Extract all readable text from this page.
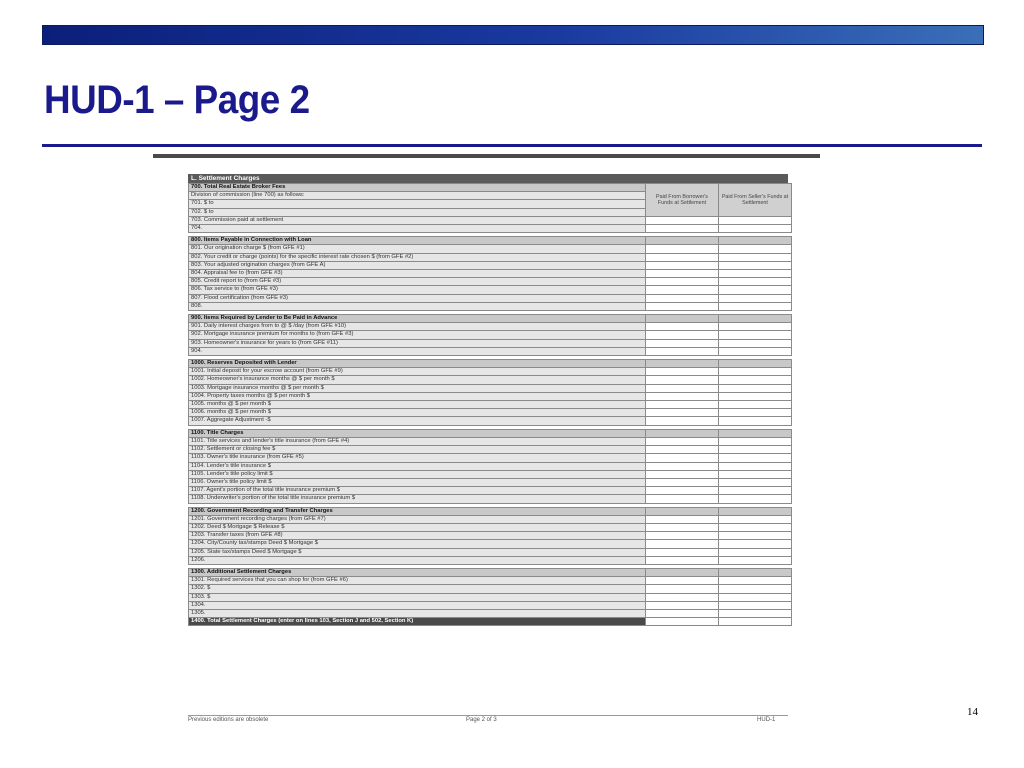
HUD-1 – Page 2
L. Settlement Charges
700. Total Real Estate Broker Fees	Paid From Borrower's Funds at Settlement	Paid From Seller's Funds at Settlement
Division of commission (line 700) as follows:		
701. $ to		
702. $ to		
703. Commission paid at settlement		
704.		

800. Items Payable in Connection with Loan		
801. Our origination charge $ (from GFE #1)		
802. Your credit or charge (points) for the specific interest rate chosen $ (from GFE #2)		
803. Your adjusted origination charges (from GFE A)		
804. Appraisal fee to (from GFE #3)		
805. Credit report to (from GFE #3)		
806. Tax service to (from GFE #3)		
807. Flood certification (from GFE #3)		
808.		

900. Items Required by Lender to Be Paid in Advance		
901. Daily interest charges from to @ $ /day (from GFE #10)		
902. Mortgage insurance premium for months to (from GFE #3)		
903. Homeowner's insurance for years to (from GFE #11)		
904.		

1000. Reserves Deposited with Lender		
1001. Initial deposit for your escrow account (from GFE #9)		
1002. Homeowner's insurance months @ $ per month $		
1003. Mortgage insurance months @ $ per month $		
1004. Property taxes months @ $ per month $		
1005. months @ $ per month $		
1006. months @ $ per month $		
1007. Aggregate Adjustment -$		

1100. Title Charges		
1101. Title services and lender's title insurance (from GFE #4)		
1102. Settlement or closing fee $		
1103. Owner's title insurance (from GFE #5)		
1104. Lender's title insurance $		
1105. Lender's title policy limit $		
1106. Owner's title policy limit $		
1107. Agent's portion of the total title insurance premium $		
1108. Underwriter's portion of the total title insurance premium $		

1200. Government Recording and Transfer Charges		
1201. Government recording charges (from GFE #7)		
1202. Deed $ Mortgage $ Release $		
1203. Transfer taxes (from GFE #8)		
1204. City/County tax/stamps Deed $ Mortgage $		
1205. State tax/stamps Deed $ Mortgage $		
1206.		

1300. Additional Settlement Charges		
1301. Required services that you can shop for (from GFE #6)		
1302. $		
1303. $		
1304.		
1305.		
1400. Total Settlement Charges (enter on lines 103, Section J and 502, Section K)		
Previous editions are obsolete	Page 2 of 3	HUD-1
14
